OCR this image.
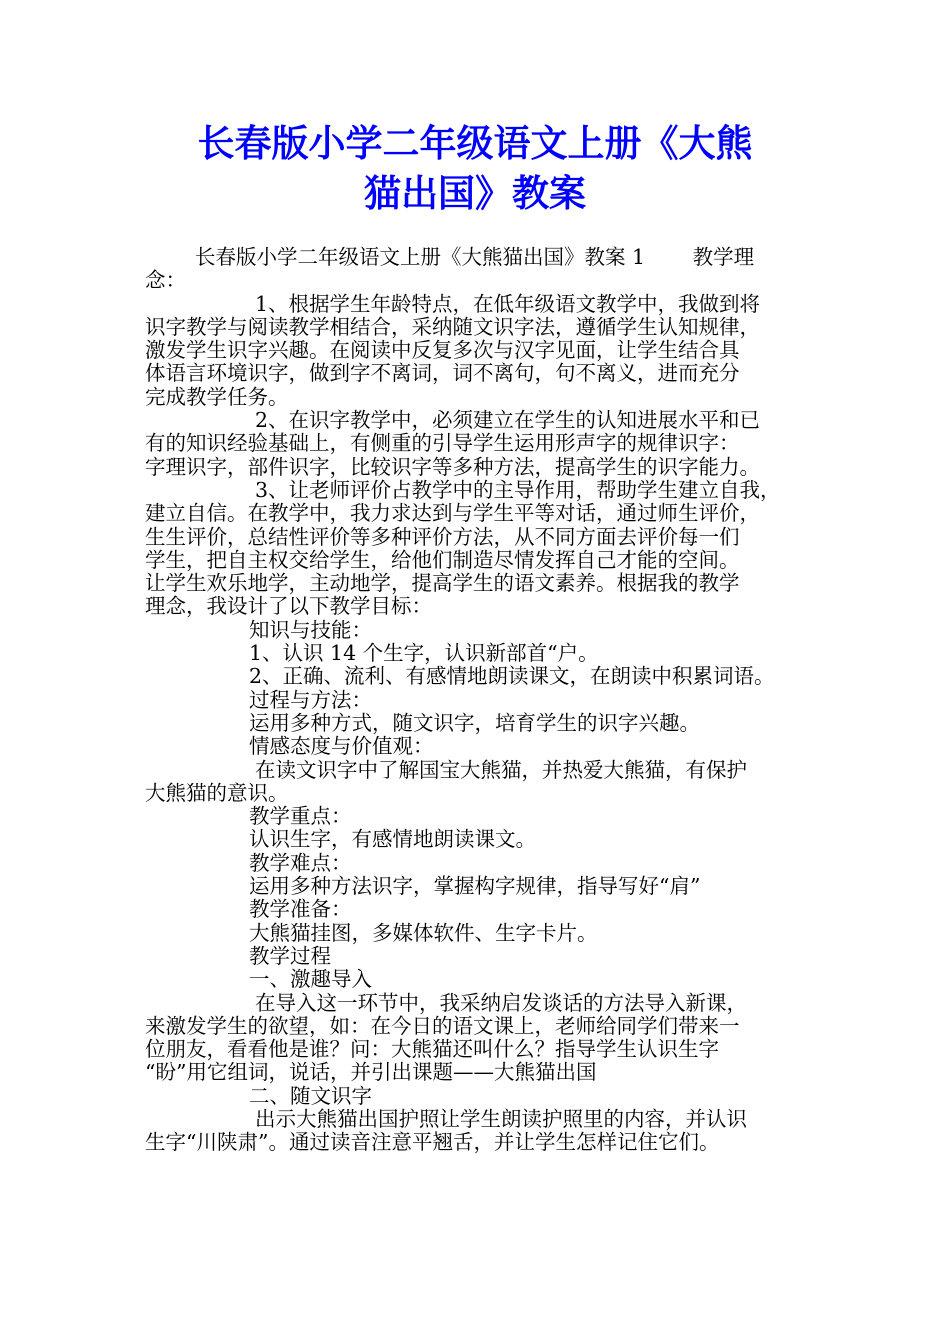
长春版小学二年级语文上册《大熊
猫出国》教案
长春版小学二年级语文上册《大熊猫出国》教案 1　　 教学理
念：
1、根据学生年龄特点，在低年级语文教学中，我做到将
识字教学与阅读教学相结合，采纳随文识字法，遵循学生认知规律，
激发学生识字兴趣。在阅读中反复多次与汉字见面，让学生结合具
体语言环境识字，做到字不离词，词不离句，句不离义，进而充分
完成教学任务。
2、在识字教学中，必须建立在学生的认知进展水平和已
有的知识经验基础上，有侧重的引导学生运用形声字的规律识字：
字理识字，部件识字，比较识字等多种方法，提高学生的识字能力。
3、让老师评价占教学中的主导作用，帮助学生建立自我，
建立自信。在教学中，我力求达到与学生平等对话，通过师生评价，
生生评价，总结性评价等多种评价方法，从不同方面去评价每一们
学生，把自主权交给学生，给他们制造尽情发挥自己才能的空间。
让学生欢乐地学，主动地学，提高学生的语文素养。根据我的教学
理念，我设计了以下教学目标：
知识与技能：
1、认识 14 个生字，认识新部首“户。
2、正确、流利、有感情地朗读课文，在朗读中积累词语。
过程与方法：
运用多种方式，随文识字，培育学生的识字兴趣。
情感态度与价值观：
在读文识字中了解国宝大熊猫，并热爱大熊猫，有保护
大熊猫的意识。
教学重点：
认识生字，有感情地朗读课文。
教学难点：
运用多种方法识字，掌握构字规律，指导写好“肩”
教学准备：
大熊猫挂图，多媒体软件、生字卡片。
教学过程
一、激趣导入
在导入这一环节中，我采纳启发谈话的方法导入新课，
来激发学生的欲望，如：在今日的语文课上，老师给同学们带来一
位朋友，看看他是谁？问：大熊猫还叫什么？指导学生认识生字
“盼”用它组词，说话，并引出课题——大熊猫出国
二、随文识字
出示大熊猫出国护照让学生朗读护照里的内容，并认识
生字“川陕肃”。通过读音注意平翘舌，并让学生怎样记住它们。
